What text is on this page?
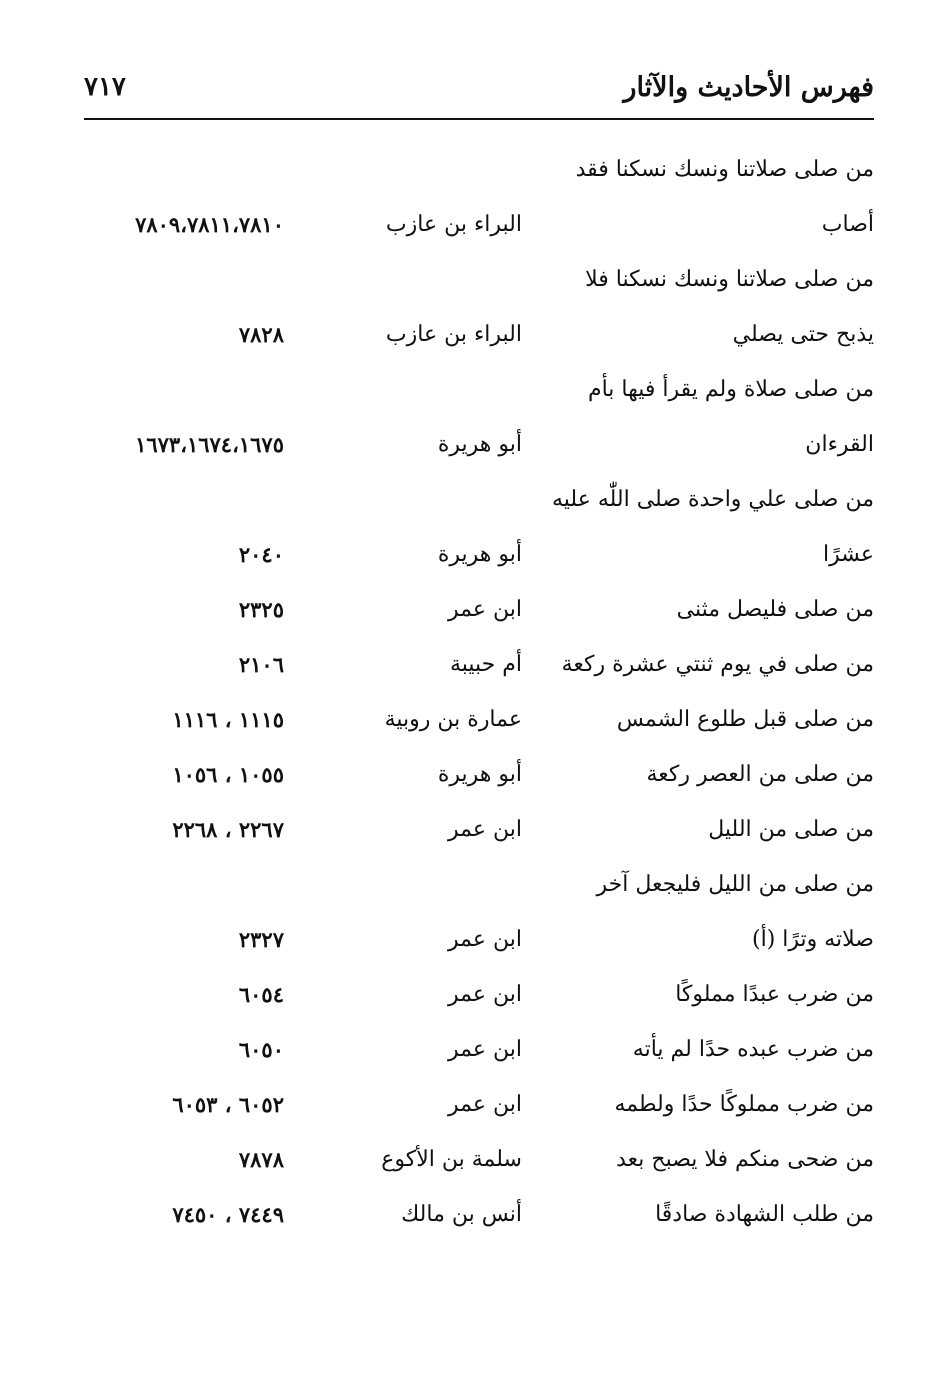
فهرس الأحاديث والآثار
٧١٧
من صلى صلاتنا ونسك نسكنا فقد
أصاب
البراء بن عازب
٧٨٠٩،٧٨١١،٧٨١٠
من صلى صلاتنا ونسك نسكنا فلا
يذبح حتى يصلي
البراء بن عازب
٧٨٢٨
من صلى صلاة ولم يقرأ فيها بأم
القرءان
أبو هريرة
١٦٧٣،١٦٧٤،١٦٧٥
من صلى علي واحدة صلى اللّٰه عليه
عشرًا
أبو هريرة
٢٠٤٠
من صلى فليصل مثنى
ابن عمر
٢٣٢٥
من صلى في يوم ثنتي عشرة ركعة
أم حبيبة
٢١٠٦
من صلى قبل طلوع الشمس
عمارة بن روبية
١١١٥ ، ١١١٦
من صلى من العصر ركعة
أبو هريرة
١٠٥٥ ، ١٠٥٦
من صلى من الليل
ابن عمر
٢٢٦٧ ، ٢٢٦٨
من صلى من الليل فليجعل آخر
صلاته وترًا (أ)
ابن عمر
٢٣٢٧
من ضرب عبدًا مملوكًا
ابن عمر
٦٠٥٤
من ضرب عبده حدًا لم يأته
ابن عمر
٦٠٥٠
من ضرب مملوكًا حدًا ولطمه
ابن عمر
٦٠٥٢ ، ٦٠٥٣
من ضحى منكم فلا يصبح بعد
سلمة بن الأكوع
٧٨٧٨
من طلب الشهادة صادقًا
أنس بن مالك
٧٤٤٩ ، ٧٤٥٠
